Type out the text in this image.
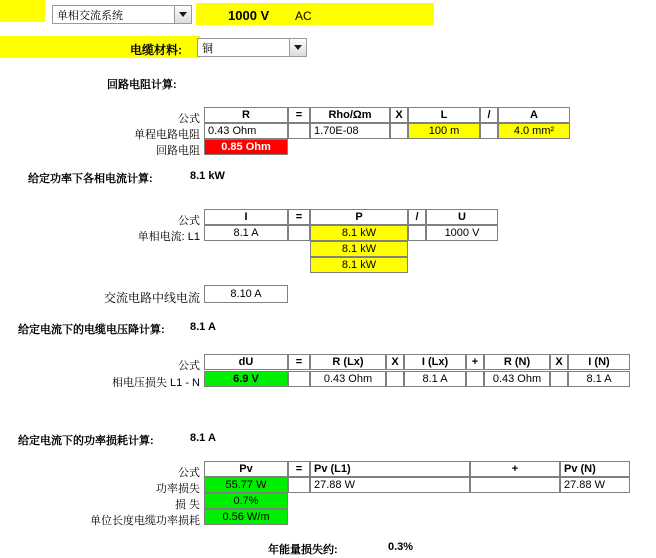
单相交流系统	1000 V AC
电缆材料: 铜
回路电阻计算:
公式	R	=	Rho/Ωm	X	L	/	A
单程电路电阻 0.43 Ohm	1.70E-08	100 m	4.0 mm²
回路电阻	0.85 Ohm
给定功率下各相电流计算:	8.1 kW
公式	I	=	P	/	U
单相电流: L1	8.1 A	8.1 kW	1000 V
8.1 kW
8.1 kW
交流电路中线电流	8.10 A
给定电流下的电缆电压降计算: 8.1 A
公式	dU	=	R (Lx)	X	I (Lx)	+	R (N)	X	I (N)
相电压损失 L1 - N	6.9 V	0.43 Ohm	8.1 A	0.43 Ohm	8.1 A
给定电流下的功率损耗计算:	8.1 A
公式	Pv	=	Pv (L1)	+	Pv (N)
功率损失	55.77 W	27.88 W	27.88 W
损 失	0.7%
单位长度电缆功率损耗	0.56 W/m
年能量损失约:	0.3%
